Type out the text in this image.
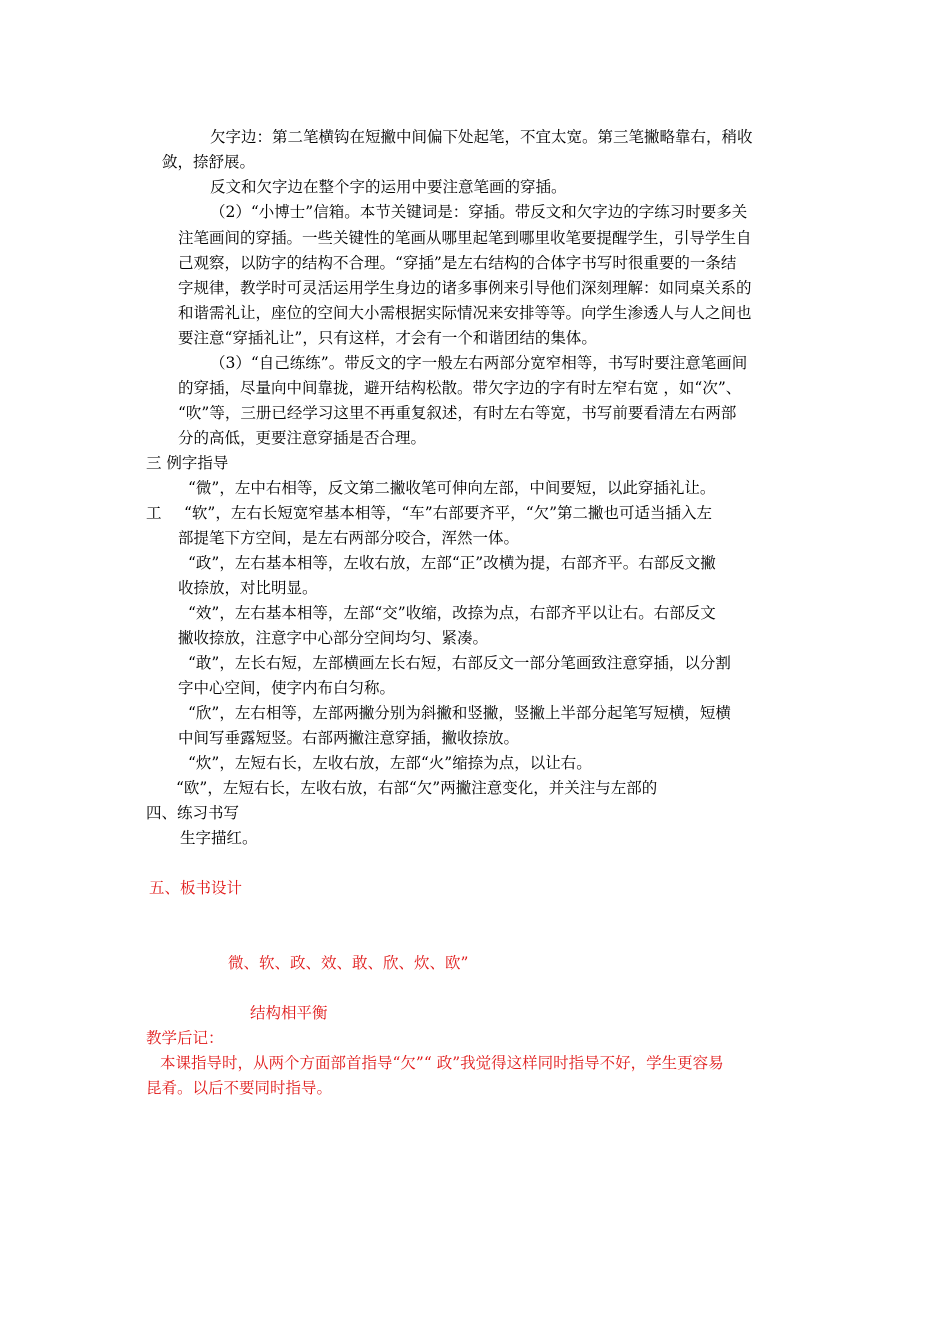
欠字边：第二笔横钩在短撇中间偏下处起笔，不宜太宽。第三笔撇略靠右，稍收
敛，捺舒展。
反文和欠字边在整个字的运用中要注意笔画的穿插。
（2）“小博士”信箱。本节关键词是：穿插。带反文和欠字边的字练习时要多关
注笔画间的穿插。一些关键性的笔画从哪里起笔到哪里收笔要提醒学生，引导学生自
己观察，以防字的结构不合理。“穿插”是左右结构的合体字书写时很重要的一条结
字规律，教学时可灵活运用学生身边的诸多事例来引导他们深刻理解：如同桌关系的
和谐需礼让，座位的空间大小需根据实际情况来安排等等。向学生渗透人与人之间也
要注意“穿插礼让”，只有这样，才会有一个和谐团结的集体。
（3）“自己练练”。带反文的字一般左右两部分宽窄相等，书写时要注意笔画间
的穿插，尽量向中间靠拢，避开结构松散。带欠字边的字有时左窄右宽 ，如“次”、
“吹”等，三册已经学习这里不再重复叙述，有时左右等宽，书写前要看清左右两部
分的高低，更要注意穿插是否合理。
三 例字指导
“微”，左中右相等，反文第二撇收笔可伸向左部，中间要短，以此穿插礼让。
工 “软”，左右长短宽窄基本相等，“车”右部要齐平，“欠”第二撇也可适当插入左
部提笔下方空间，是左右两部分咬合，浑然一体。
“政”，左右基本相等，左收右放，左部“正”改横为提，右部齐平。右部反文撇
收捺放，对比明显。
“效”，左右基本相等，左部“交”收缩，改捺为点，右部齐平以让右。右部反文
撇收捺放，注意字中心部分空间均匀、紧凑。
“敢”，左长右短，左部横画左长右短，右部反文一部分笔画致注意穿插，以分割
字中心空间，使字内布白匀称。
“欣”，左右相等，左部两撇分别为斜撇和竖撇，竖撇上半部分起笔写短横，短横
中间写垂露短竖。右部两撇注意穿插，撇收捺放。
“炊”，左短右长，左收右放，左部“火”缩捺为点，以让右。
“欧”，左短右长，左收右放，右部“欠”两撇注意变化，并关注与左部的
四、练习书写
生字描红。
五、板书设计
微、软、政、效、敢、欣、炊、欧”
结构相平衡
教学后记：
本课指导时，从两个方面部首指导“欠”“ 政”我觉得这样同时指导不好，学生更容易
昆肴。以后不要同时指导。
